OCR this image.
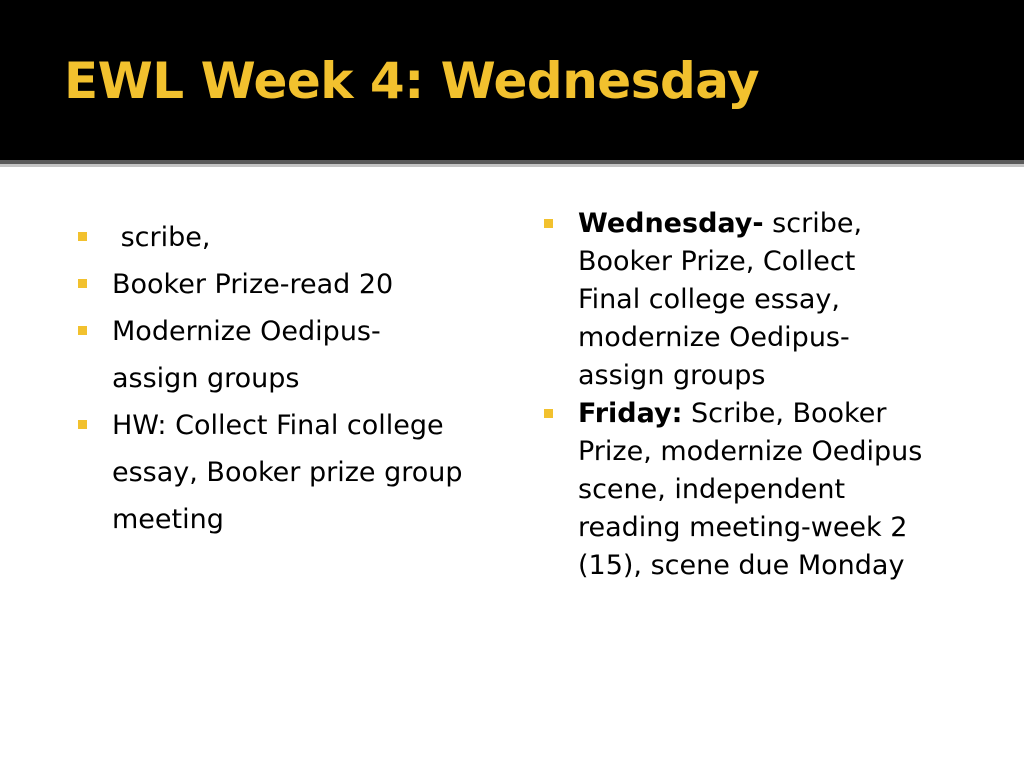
EWL Week 4: Wednesday
scribe,
Booker Prize-read 20
Modernize Oedipus-assign groups
HW: Collect Final college essay, Booker prize group meeting
Wednesday- scribe, Booker Prize, Collect Final college essay, modernize Oedipus-assign groups
Friday: Scribe, Booker Prize, modernize Oedipus scene, independent reading meeting-week 2 (15), scene due Monday
